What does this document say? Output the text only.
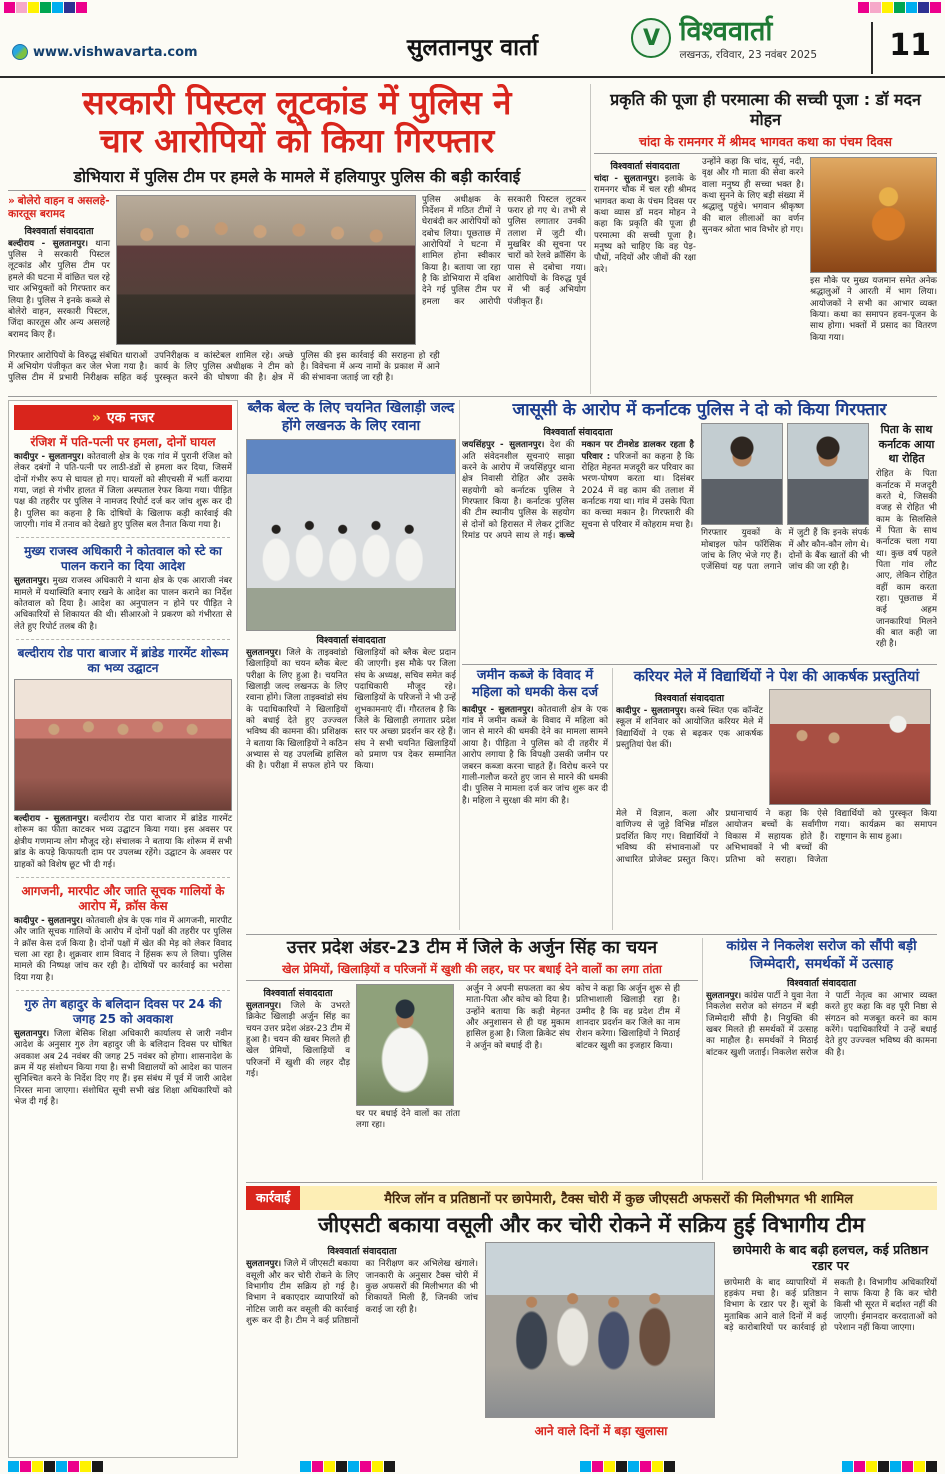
www.vishwavarta.com	सुलतानपुर वार्ता	V विश्ववार्ता
लखनऊ, रविवार, 23 नवंबर 2025	11
सरकारी पिस्टल लूटकांड में पुलिस ने
चार आरोपियों को किया गिरफ्तार
डोभियारा में पुलिस टीम पर हमले के मामले में हलियापुर पुलिस की बड़ी कार्रवाई
» बोलेरो वाहन व असलहे-कारतूस बरामद
विश्ववार्ता संवाददाता
बल्दीराय - सुलतानपुर। थाना पुलिस ने सरकारी पिस्टल लूटकांड और पुलिस टीम पर हमले की घटना में वांछित चल रहे चार अभियुक्तों को गिरफ्तार कर लिया है। पुलिस ने इनके कब्जे से बोलेरो वाहन, सरकारी पिस्टल, जिंदा कारतूस और अन्य असलहे बरामद किए हैं।
पुलिस अधीक्षक के निर्देशन में गठित टीमों ने घेराबंदी कर आरोपियों को दबोच लिया। पूछताछ में आरोपियों ने घटना में शामिल होना स्वीकार किया है। बताया जा रहा है कि डोभियारा में दबिश देने गई पुलिस टीम पर हमला कर आरोपी सरकारी पिस्टल लूटकर फरार हो गए थे। तभी से पुलिस लगातार उनकी तलाश में जुटी थी। मुखबिर की सूचना पर चारों को रेलवे क्रॉसिंग के पास से दबोचा गया। आरोपियों के विरुद्ध पूर्व में भी कई अभियोग पंजीकृत हैं।
गिरफ्तार आरोपियों के विरुद्ध संबंधित धाराओं में अभियोग पंजीकृत कर जेल भेजा गया है। पुलिस टीम में प्रभारी निरीक्षक सहित कई उपनिरीक्षक व कांस्टेबल शामिल रहे। अच्छे कार्य के लिए पुलिस अधीक्षक ने टीम को पुरस्कृत करने की घोषणा की है। क्षेत्र में पुलिस की इस कार्रवाई की सराहना हो रही है। विवेचना में अन्य नामों के प्रकाश में आने की संभावना जताई जा रही है।
प्रकृति की पूजा ही परमात्मा की सच्ची पूजा : डॉ मदन मोहन
चांदा के रामनगर में श्रीमद भागवत कथा का पंचम दिवस
विश्ववार्ता संवाददाता
चांदा - सुलतानपुर। इलाके के रामनगर चौक में चल रही श्रीमद भागवत कथा के पंचम दिवस पर कथा व्यास डॉ मदन मोहन ने कहा कि प्रकृति की पूजा ही परमात्मा की सच्ची पूजा है। मनुष्य को चाहिए कि वह पेड़-पौधों, नदियों और जीवों की रक्षा करे।
उन्होंने कहा कि चांद, सूर्य, नदी, वृक्ष और गौ माता की सेवा करने वाला मनुष्य ही सच्चा भक्त है। कथा सुनने के लिए बड़ी संख्या में श्रद्धालु पहुंचे। भगवान श्रीकृष्ण की बाल लीलाओं का वर्णन सुनकर श्रोता भाव विभोर हो गए।
इस मौके पर मुख्य यजमान समेत अनेक श्रद्धालुओं ने आरती में भाग लिया। आयोजकों ने सभी का आभार व्यक्त किया। कथा का समापन हवन-पूजन के साथ होगा। भक्तों में प्रसाद का वितरण किया गया।
» एक नजर
रंजिश में पति-पत्नी पर हमला, दोनों घायल
कादीपुर - सुलतानपुर। कोतवाली क्षेत्र के एक गांव में पुरानी रंजिश को लेकर दबंगों ने पति-पत्नी पर लाठी-डंडों से हमला कर दिया, जिसमें दोनों गंभीर रूप से घायल हो गए। घायलों को सीएचसी में भर्ती कराया गया, जहां से गंभीर हालत में जिला अस्पताल रेफर किया गया। पीड़ित पक्ष की तहरीर पर पुलिस ने नामजद रिपोर्ट दर्ज कर जांच शुरू कर दी है। पुलिस का कहना है कि दोषियों के खिलाफ कड़ी कार्रवाई की जाएगी। गांव में तनाव को देखते हुए पुलिस बल तैनात किया गया है।
मुख्य राजस्व अधिकारी ने कोतवाल को स्टे का पालन कराने का दिया आदेश
सुलतानपुर। मुख्य राजस्व अधिकारी ने थाना क्षेत्र के एक आराजी नंबर मामले में यथास्थिति बनाए रखने के आदेश का पालन कराने का निर्देश कोतवाल को दिया है। आदेश का अनुपालन न होने पर पीड़ित ने अधिकारियों से शिकायत की थी। सीआरओ ने प्रकरण को गंभीरता से लेते हुए रिपोर्ट तलब की है।
बल्दीराय रोड पारा बाजार में ब्रांडेड गारमेंट शोरूम का भव्य उद्घाटन
बल्दीराय - सुलतानपुर। बल्दीराय रोड पारा बाजार में ब्रांडेड गारमेंट शोरूम का फीता काटकर भव्य उद्घाटन किया गया। इस अवसर पर क्षेत्रीय गणमान्य लोग मौजूद रहे। संचालक ने बताया कि शोरूम में सभी ब्रांड के कपड़े किफायती दाम पर उपलब्ध रहेंगे। उद्घाटन के अवसर पर ग्राहकों को विशेष छूट भी दी गई।
आगजनी, मारपीट और जाति सूचक गालियों के आरोप में, क्रॉस केस
कादीपुर - सुलतानपुर। कोतवाली क्षेत्र के एक गांव में आगजनी, मारपीट और जाति सूचक गालियों के आरोप में दोनों पक्षों की तहरीर पर पुलिस ने क्रॉस केस दर्ज किया है। दोनों पक्षों में खेत की मेड़ को लेकर विवाद चला आ रहा है। शुक्रवार शाम विवाद ने हिंसक रूप ले लिया। पुलिस मामले की निष्पक्ष जांच कर रही है। दोषियों पर कार्रवाई का भरोसा दिया गया है।
गुरु तेग बहादुर के बलिदान दिवस पर 24 की जगह 25 को अवकाश
सुलतानपुर। जिला बेसिक शिक्षा अधिकारी कार्यालय से जारी नवीन आदेश के अनुसार गुरु तेग बहादुर जी के बलिदान दिवस पर घोषित अवकाश अब 24 नवंबर की जगह 25 नवंबर को होगा। शासनादेश के क्रम में यह संशोधन किया गया है। सभी विद्यालयों को आदेश का पालन सुनिश्चित करने के निर्देश दिए गए हैं। इस संबंध में पूर्व में जारी आदेश निरस्त माना जाएगा। संशोधित सूची सभी खंड शिक्षा अधिकारियों को भेज दी गई है।
ब्लैक बेल्ट के लिए चयनित खिलाड़ी जल्द होंगे लखनऊ के लिए रवाना
विश्ववार्ता संवाददाता
सुलतानपुर। जिले के ताइक्वांडो खिलाड़ियों का चयन ब्लैक बेल्ट परीक्षा के लिए हुआ है। चयनित खिलाड़ी जल्द लखनऊ के लिए रवाना होंगे। जिला ताइक्वांडो संघ के पदाधिकारियों ने खिलाड़ियों को बधाई देते हुए उज्ज्वल भविष्य की कामना की। प्रशिक्षक ने बताया कि खिलाड़ियों ने कठिन अभ्यास से यह उपलब्धि हासिल की है। परीक्षा में सफल होने पर खिलाड़ियों को ब्लैक बेल्ट प्रदान की जाएगी। इस मौके पर जिला संघ के अध्यक्ष, सचिव समेत कई पदाधिकारी मौजूद रहे। खिलाड़ियों के परिजनों ने भी उन्हें शुभकामनाएं दीं। गौरतलब है कि जिले के खिलाड़ी लगातार प्रदेश स्तर पर अच्छा प्रदर्शन कर रहे हैं। संघ ने सभी चयनित खिलाड़ियों को प्रमाण पत्र देकर सम्मानित किया।
जासूसी के आरोप में कर्नाटक पुलिस ने दो को किया गिरफ्तार
विश्ववार्ता संवाददाता
जयसिंहपुर - सुलतानपुर। देश की अति संवेदनशील सूचनाएं साझा करने के आरोप में जयसिंहपुर थाना क्षेत्र निवासी रोहित और उसके सहयोगी को कर्नाटक पुलिस ने गिरफ्तार किया है। कर्नाटक पुलिस की टीम स्थानीय पुलिस के सहयोग से दोनों को हिरासत में लेकर ट्रांजिट रिमांड पर अपने साथ ले गई। कच्चे मकान पर टीनशेड डालकर रहता है परिवार : परिजनों का कहना है कि रोहित मेहनत मजदूरी कर परिवार का भरण-पोषण करता था। दिसंबर 2024 में वह काम की तलाश में कर्नाटक गया था। गांव में उसके पिता का कच्चा मकान है। गिरफ्तारी की सूचना से परिवार में कोहराम मचा है।
गिरफ्तार युवकों के मोबाइल फोन फॉरेंसिक जांच के लिए भेजे गए हैं। एजेंसियां यह पता लगाने में जुटी हैं कि इनके संपर्क में और कौन-कौन लोग थे। दोनों के बैंक खातों की भी जांच की जा रही है।
पिता के साथ कर्नाटक आया था रोहित
रोहित के पिता कर्नाटक में मजदूरी करते थे, जिसकी वजह से रोहित भी काम के सिलसिले में पिता के साथ कर्नाटक चला गया था। कुछ वर्ष पहले पिता गांव लौट आए, लेकिन रोहित वहीं काम करता रहा। पूछताछ में कई अहम जानकारियां मिलने की बात कही जा रही है।
जमीन कब्जे के विवाद में महिला को धमकी केस दर्ज
कादीपुर - सुलतानपुर। कोतवाली क्षेत्र के एक गांव में जमीन कब्जे के विवाद में महिला को जान से मारने की धमकी देने का मामला सामने आया है। पीड़िता ने पुलिस को दी तहरीर में आरोप लगाया है कि विपक्षी उसकी जमीन पर जबरन कब्जा करना चाहते हैं। विरोध करने पर गाली-गलौज करते हुए जान से मारने की धमकी दी। पुलिस ने मामला दर्ज कर जांच शुरू कर दी है। महिला ने सुरक्षा की मांग की है।
करियर मेले में विद्यार्थियों ने पेश की आकर्षक प्रस्तुतियां
विश्ववार्ता संवाददाता
कादीपुर - सुलतानपुर। कस्बे स्थित एक कॉन्वेंट स्कूल में शनिवार को आयोजित करियर मेले में विद्यार्थियों ने एक से बढ़कर एक आकर्षक प्रस्तुतियां पेश कीं।
मेले में विज्ञान, कला और वाणिज्य से जुड़े विभिन्न मॉडल प्रदर्शित किए गए। विद्यार्थियों ने भविष्य की संभावनाओं पर आधारित प्रोजेक्ट प्रस्तुत किए। प्रधानाचार्य ने कहा कि ऐसे आयोजन बच्चों के सर्वांगीण विकास में सहायक होते हैं। अभिभावकों ने भी बच्चों की प्रतिभा को सराहा। विजेता विद्यार्थियों को पुरस्कृत किया गया। कार्यक्रम का समापन राष्ट्रगान के साथ हुआ।
उत्तर प्रदेश अंडर-23 टीम में जिले के अर्जुन सिंह का चयन
खेल प्रेमियों, खिलाड़ियों व परिजनों में खुशी की लहर, घर पर बधाई देने वालों का लगा तांता
विश्ववार्ता संवाददाता
सुलतानपुर। जिले के उभरते क्रिकेट खिलाड़ी अर्जुन सिंह का चयन उत्तर प्रदेश अंडर-23 टीम में हुआ है। चयन की खबर मिलते ही खेल प्रेमियों, खिलाड़ियों व परिजनों में खुशी की लहर दौड़ गई।
घर पर बधाई देने वालों का तांता लगा रहा।
अर्जुन ने अपनी सफलता का श्रेय माता-पिता और कोच को दिया है। उन्होंने बताया कि कड़ी मेहनत और अनुशासन से ही यह मुकाम हासिल हुआ है। जिला क्रिकेट संघ ने अर्जुन को बधाई दी है।
कोच ने कहा कि अर्जुन शुरू से ही प्रतिभाशाली खिलाड़ी रहा है। उम्मीद है कि वह प्रदेश टीम में शानदार प्रदर्शन कर जिले का नाम रोशन करेगा। खिलाड़ियों ने मिठाई बांटकर खुशी का इजहार किया।
कांग्रेस ने निकलेश सरोज को सौंपी बड़ी जिम्मेदारी, समर्थकों में उत्साह
विश्ववार्ता संवाददाता
सुलतानपुर। कांग्रेस पार्टी ने युवा नेता निकलेश सरोज को संगठन में बड़ी जिम्मेदारी सौंपी है। नियुक्ति की खबर मिलते ही समर्थकों में उत्साह का माहौल है। समर्थकों ने मिठाई बांटकर खुशी जताई। निकलेश सरोज ने पार्टी नेतृत्व का आभार व्यक्त करते हुए कहा कि वह पूरी निष्ठा से संगठन को मजबूत करने का काम करेंगे। पदाधिकारियों ने उन्हें बधाई देते हुए उज्ज्वल भविष्य की कामना की है।
कार्रवाई	मैरिज लॉन व प्रतिष्ठानों पर छापेमारी, टैक्स चोरी में कुछ जीएसटी अफसरों की मिलीभगत भी शामिल
जीएसटी बकाया वसूली और कर चोरी रोकने में सक्रिय हुई विभागीय टीम
विश्ववार्ता संवाददाता
सुलतानपुर। जिले में जीएसटी बकाया वसूली और कर चोरी रोकने के लिए विभागीय टीम सक्रिय हो गई है। विभाग ने बकाएदार व्यापारियों को नोटिस जारी कर वसूली की कार्रवाई शुरू कर दी है। टीम ने कई प्रतिष्ठानों का निरीक्षण कर अभिलेख खंगाले। जानकारी के अनुसार टैक्स चोरी में कुछ अफसरों की मिलीभगत की भी शिकायतें मिली हैं, जिनकी जांच कराई जा रही है।
आने वाले दिनों में बड़ा खुलासा
छापेमारी के बाद बढ़ी हलचल, कई प्रतिष्ठान रडार पर
छापेमारी के बाद व्यापारियों में हड़कंप मचा है। कई प्रतिष्ठान विभाग के रडार पर हैं। सूत्रों के मुताबिक आने वाले दिनों में कई बड़े कारोबारियों पर कार्रवाई हो सकती है। विभागीय अधिकारियों ने साफ किया है कि कर चोरी किसी भी सूरत में बर्दाश्त नहीं की जाएगी। ईमानदार करदाताओं को परेशान नहीं किया जाएगा।
